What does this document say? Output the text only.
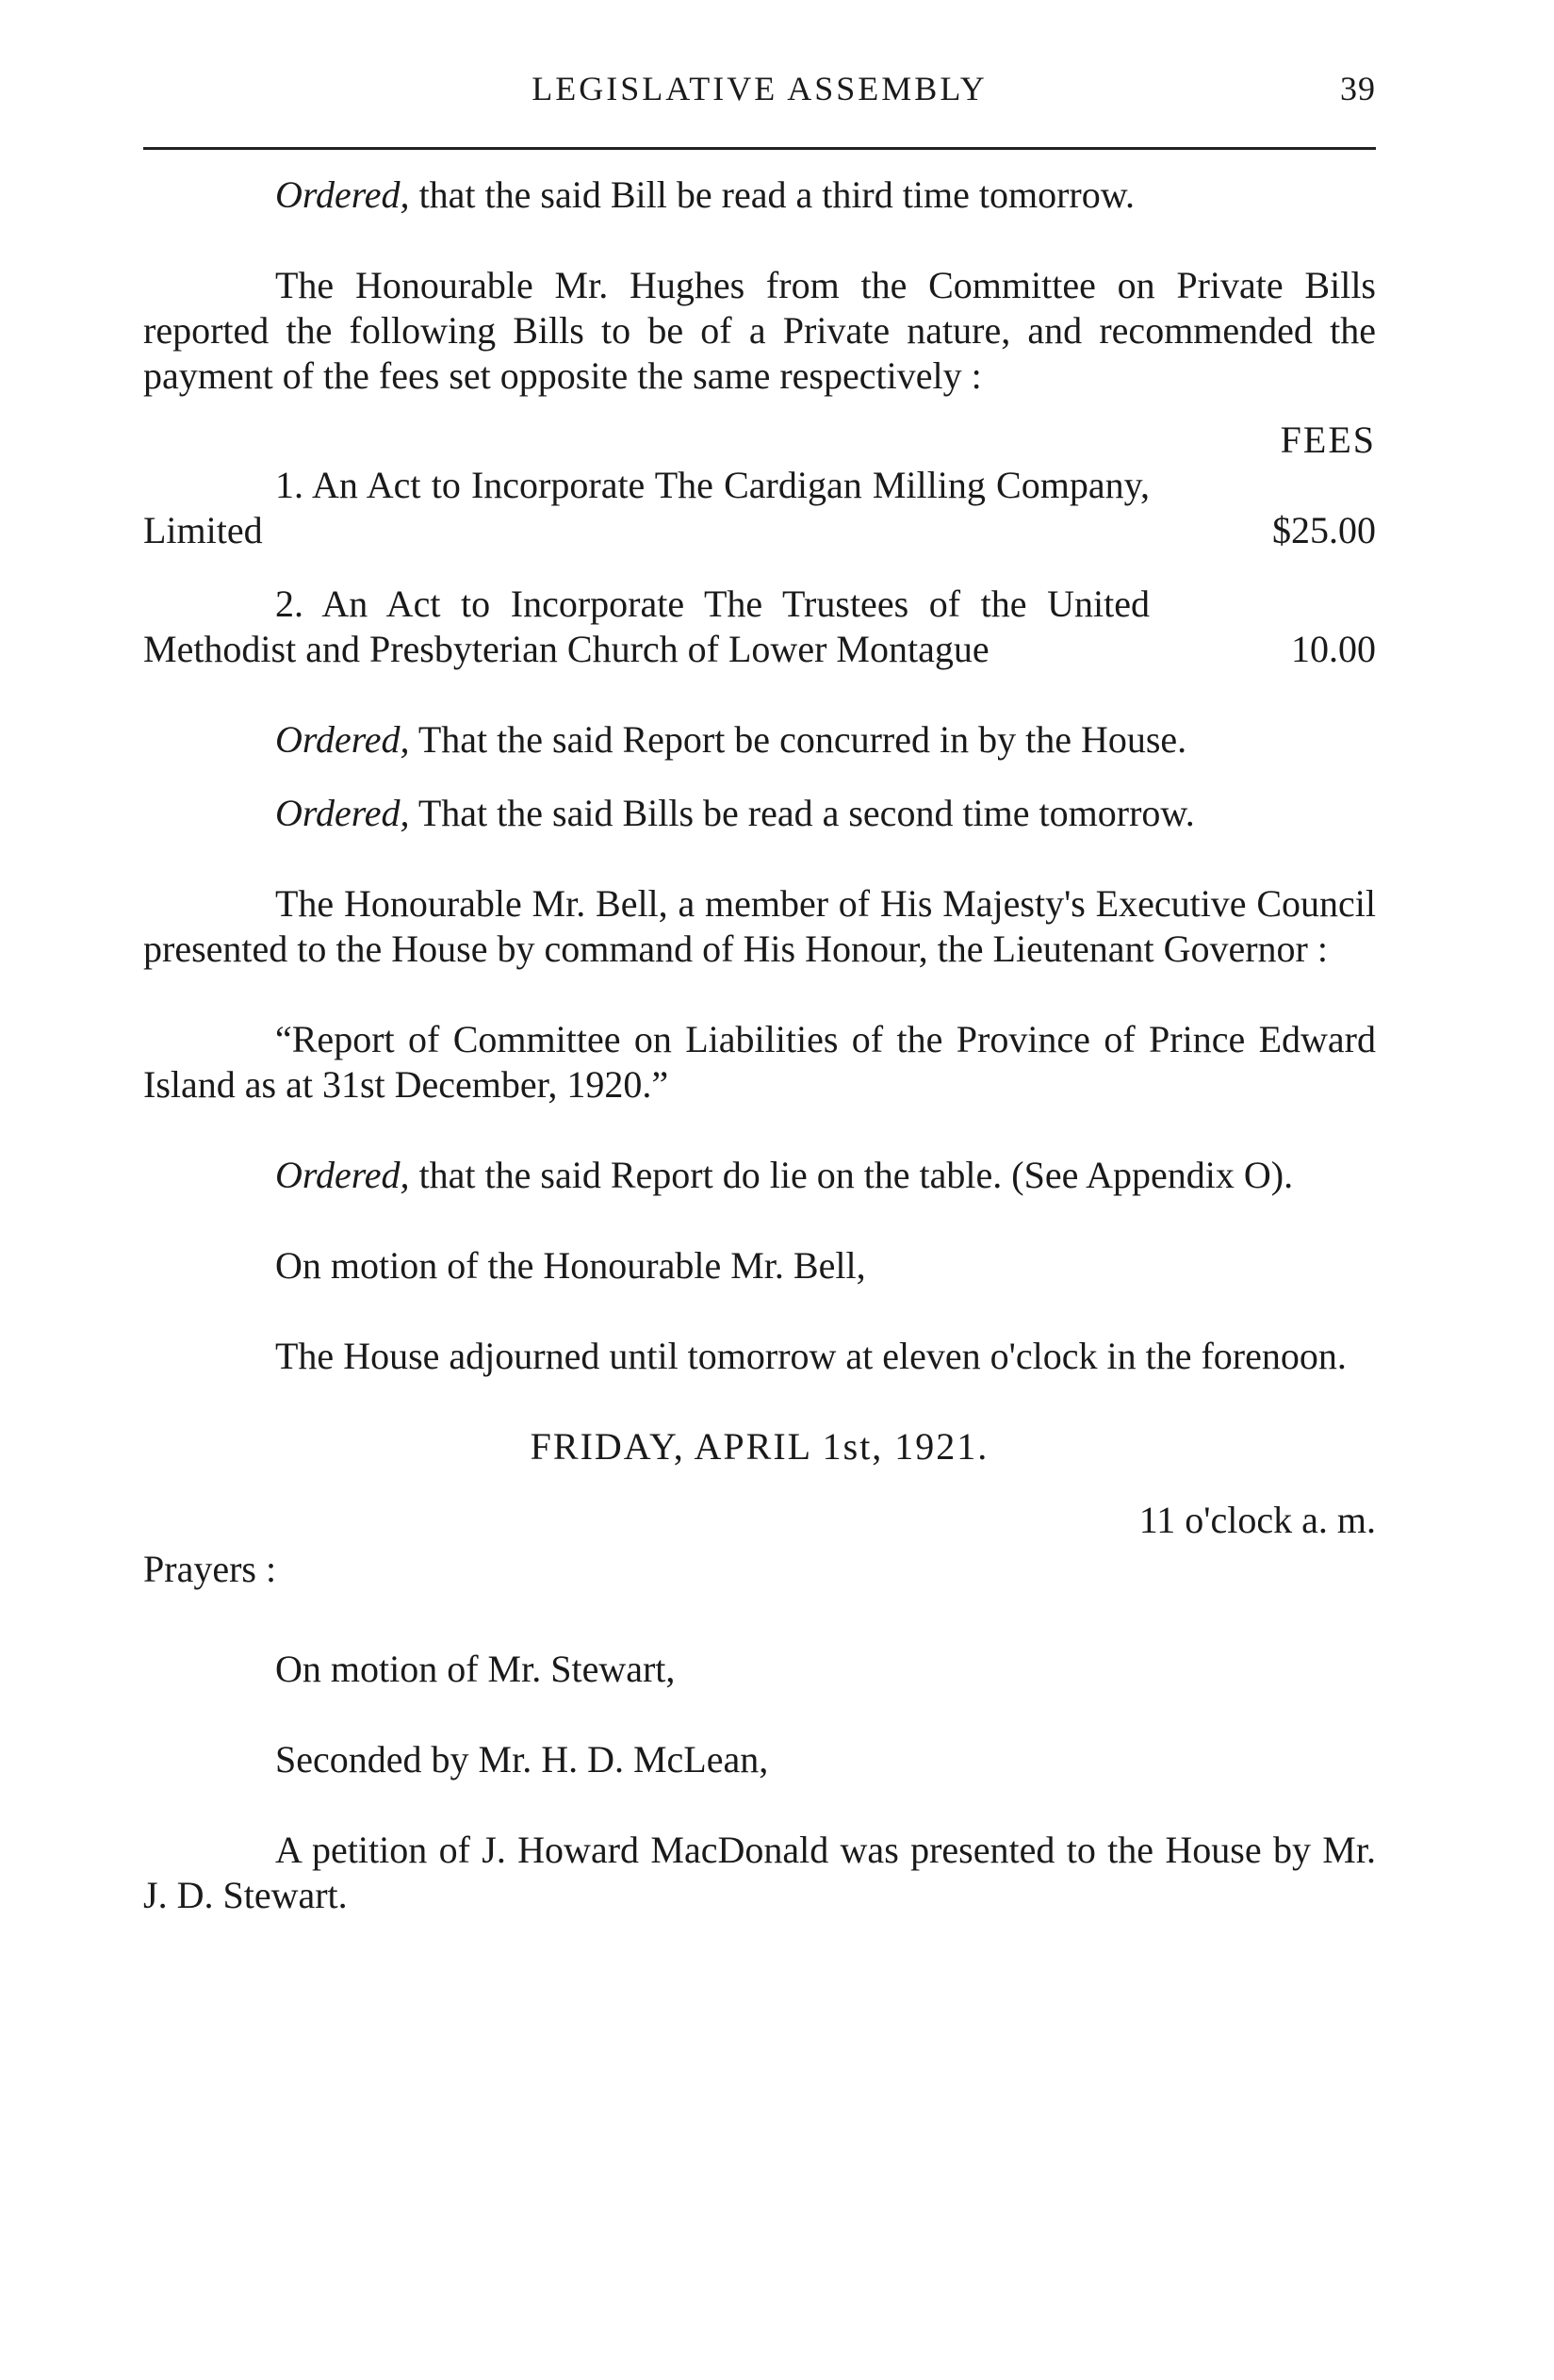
LEGISLATIVE ASSEMBLY	39

Ordered, that the said Bill be read a third time tomorrow.

The Honourable Mr. Hughes from the Committee on Private Bills reported the following Bills to be of a Private nature, and recommended the payment of the fees set opposite the same respectively :

FEES
1. An Act to Incorporate The Cardigan Milling Company, Limited	$25.00
2. An Act to Incorporate The Trustees of the United Methodist and Presbyterian Church of Lower Montague	10.00

Ordered, That the said Report be concurred in by the House.

Ordered, That the said Bills be read a second time tomorrow.

The Honourable Mr. Bell, a member of His Majesty's Executive Council presented to the House by command of His Honour, the Lieutenant Governor :

“Report of Committee on Liabilities of the Province of Prince Edward Island as at 31st December, 1920.”

Ordered, that the said Report do lie on the table. (See Appendix O).

On motion of the Honourable Mr. Bell,

The House adjourned until tomorrow at eleven o'clock in the forenoon.

FRIDAY, APRIL 1st, 1921.
11 o'clock a. m.
Prayers :

On motion of Mr. Stewart,

Seconded by Mr. H. D. McLean,

A petition of J. Howard MacDonald was presented to the House by Mr. J. D. Stewart.
